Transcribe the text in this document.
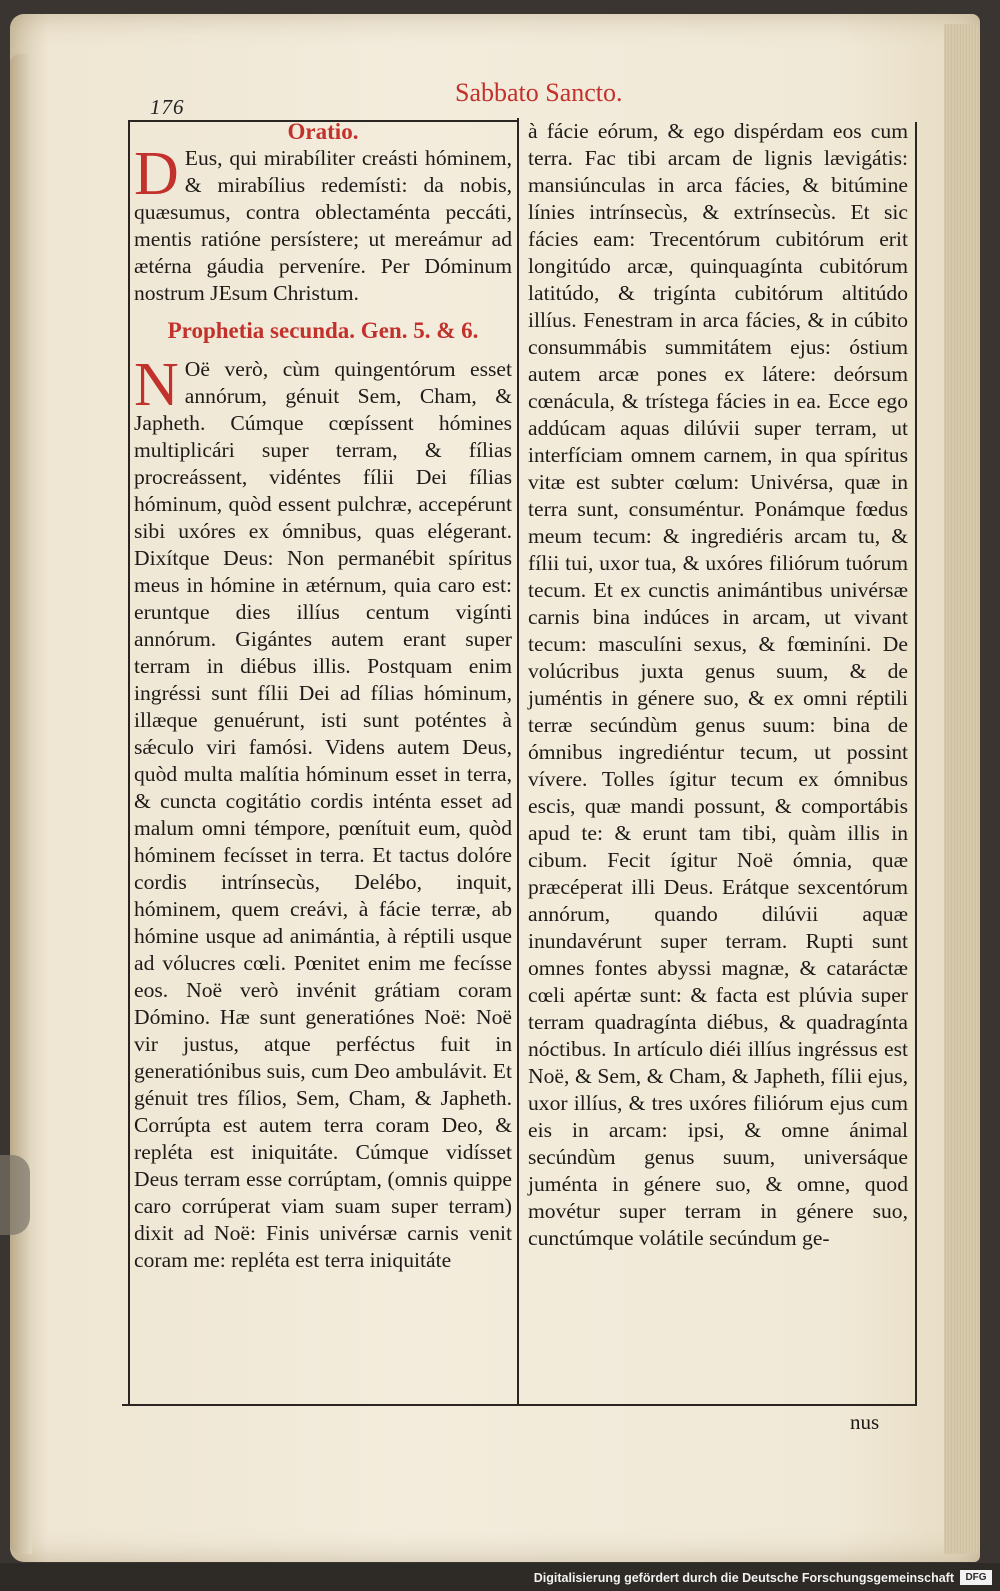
176	Sabbato Sancto.
Oratio.

D Eus, qui mirabíliter creásti hóminem, & mirabílius redemísti: da nobis, quæsumus, contra oblectaménta peccáti, mentis ratióne persístere; ut mereámur ad ætérna gáudia perveníre. Per Dóminum nostrum JEsum Christum.

Prophetia secunda. Gen. 5. & 6.

N Oë verò, cùm quingentórum esset annórum, génuit Sem, Cham, & Japheth. Cúmque cœpíssent hómines multiplicári super terram, & fílias procreássent, vidéntes fílii Dei fílias hóminum, quòd essent pulchræ, accepérunt sibi uxóres ex ómnibus, quas elégerant. Dixítque Deus: Non permanébit spíritus meus in hómine in ætérnum, quia caro est: eruntque dies illíus centum vigínti annórum. Gigántes autem erant super terram in diébus illis. Postquam enim ingréssi sunt fílii Dei ad fílias hóminum, illæque genuérunt, isti sunt poténtes à sǽculo viri famósi. Videns autem Deus, quòd multa malítia hóminum esset in terra, & cuncta cogitátio cordis inténta esset ad malum omni témpore, pœnítuit eum, quòd hóminem fecísset in terra. Et tactus dolóre cordis intrínsecùs, Delébo, inquit, hóminem, quem creávi, à fácie terræ, ab hómine usque ad animántia, à réptili usque ad vólucres cœli. Pœnitet enim me fecísse eos. Noë verò invénit grátiam coram Dómino. Hæ sunt generatiónes Noë: Noë vir justus, atque perféctus fuit in generatiónibus suis, cum Deo ambulávit. Et génuit tres fílios, Sem, Cham, & Japheth. Corrúpta est autem terra coram Deo, & repléta est iniquitáte. Cúmque vidísset Deus terram esse corrúptam, (omnis quippe caro corrúperat viam suam super terram) dixit ad Noë: Finis univérsæ carnis venit coram me: repléta est terra iniquitáte

à fácie eórum, & ego dispérdam eos cum terra. Fac tibi arcam de lignis lævigátis: mansiúnculas in arca fácies, & bitúmine línies intrínsecùs, & extrínsecùs. Et sic fácies eam: Trecentórum cubitórum erit longitúdo arcæ, quinquagínta cubitórum latitúdo, & trigínta cubitórum altitúdo illíus. Fenestram in arca fácies, & in cúbito consummábis summitátem ejus: óstium autem arcæ pones ex látere: deórsum cœnácula, & trístega fácies in ea. Ecce ego addúcam aquas dilúvii super terram, ut interfíciam omnem carnem, in qua spíritus vitæ est subter cœlum: Univérsa, quæ in terra sunt, consuméntur. Ponámque fœdus meum tecum: & ingrediéris arcam tu, & fílii tui, uxor tua, & uxóres filiórum tuórum tecum. Et ex cunctis animántibus univérsæ carnis bina indúces in arcam, ut vivant tecum: masculíni sexus, & fœminíni. De volúcribus juxta genus suum, & de juméntis in génere suo, & ex omni réptili terræ secúndùm genus suum: bina de ómnibus ingrediéntur tecum, ut possint vívere. Tolles ígitur tecum ex ómnibus escis, quæ mandi possunt, & comportábis apud te: & erunt tam tibi, quàm illis in cibum. Fecit ígitur Noë ómnia, quæ præcéperat illi Deus. Erátque sexcentórum annórum, quando dilúvii aquæ inundavérunt super terram. Rupti sunt omnes fontes abyssi magnæ, & cataráctæ cœli apértæ sunt: & facta est plúvia super terram quadragínta diébus, & quadragínta nóctibus. In artículo diéi illíus ingréssus est Noë, & Sem, & Cham, & Japheth, fílii ejus, uxor illíus, & tres uxóres filiórum ejus cum eis in arcam: ipsi, & omne ánimal secúndùm genus suum, universáque juménta in génere suo, & omne, quod movétur super terram in génere suo, cunctúmque volátile secúndum ge-

nus
Digitalisierung gefördert durch die Deutsche Forschungsgemeinschaft	DFG
